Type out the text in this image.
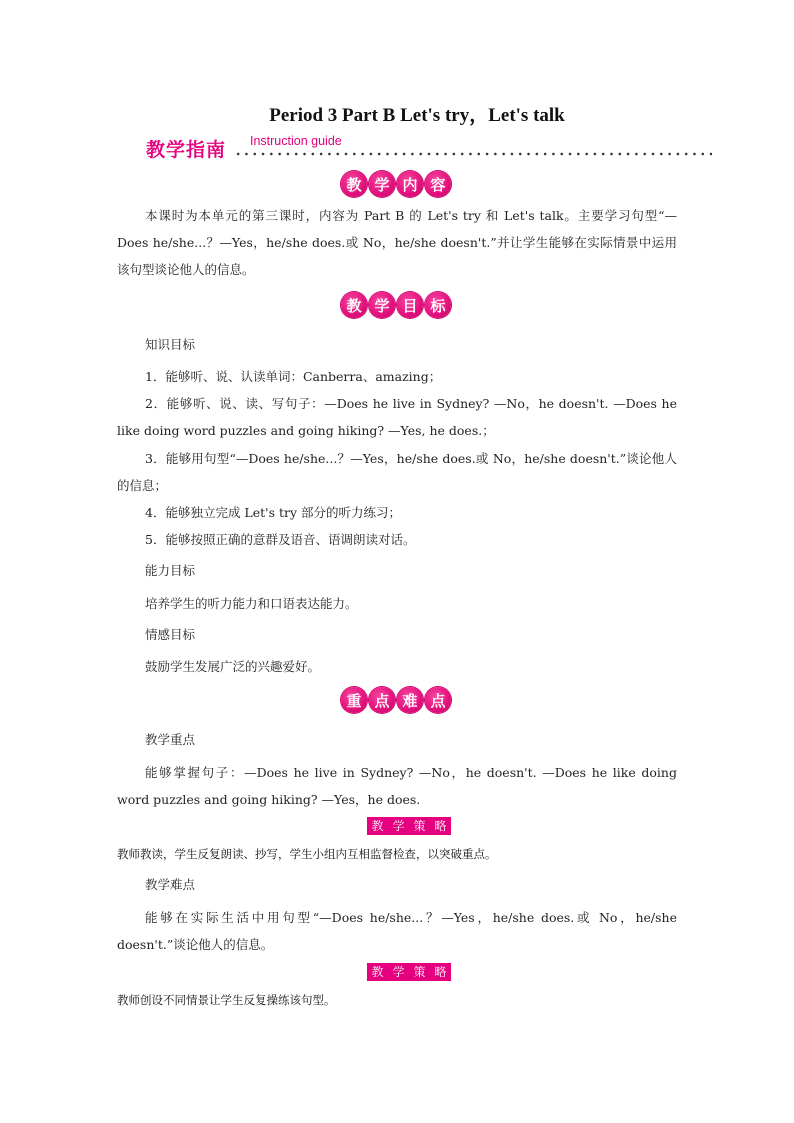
Period 3 Part B Let's try，Let's talk
教学指南 Instruction guide
教 学 内 容
本课时为本单元的第三课时，内容为 Part B 的 Let's try 和 Let's talk。主要学习句型“—Does he/she...？—Yes，he/she does.或 No，he/she doesn't.”并让学生能够在实际情景中运用该句型谈论他人的信息。
教 学 目 标
知识目标
1．能够听、说、认读单词：Canberra、amazing；
2．能够听、说、读、写句子：—Does he live in Sydney? —No，he doesn't. —Does he like doing word puzzles and going hiking? —Yes, he does.；
3．能够用句型“—Does he/she...？—Yes，he/she does.或 No，he/she doesn't.”谈论他人的信息；
4．能够独立完成 Let's try 部分的听力练习；
5．能够按照正确的意群及语音、语调朗读对话。
能力目标
培养学生的听力能力和口语表达能力。
情感目标
鼓励学生发展广泛的兴趣爱好。
重 点 难 点
教学重点
能够掌握句子：—Does he live in Sydney? —No，he doesn't. —Does he like doing word puzzles and going hiking? —Yes，he does.
教 学 策 略
教师教读，学生反复朗读、抄写，学生小组内互相监督检查，以突破重点。
教学难点
能够在实际生活中用句型“—Does he/she...？—Yes，he/she does.或 No，he/she doesn't.”谈论他人的信息。
教 学 策 略
教师创设不同情景让学生反复操练该句型。
